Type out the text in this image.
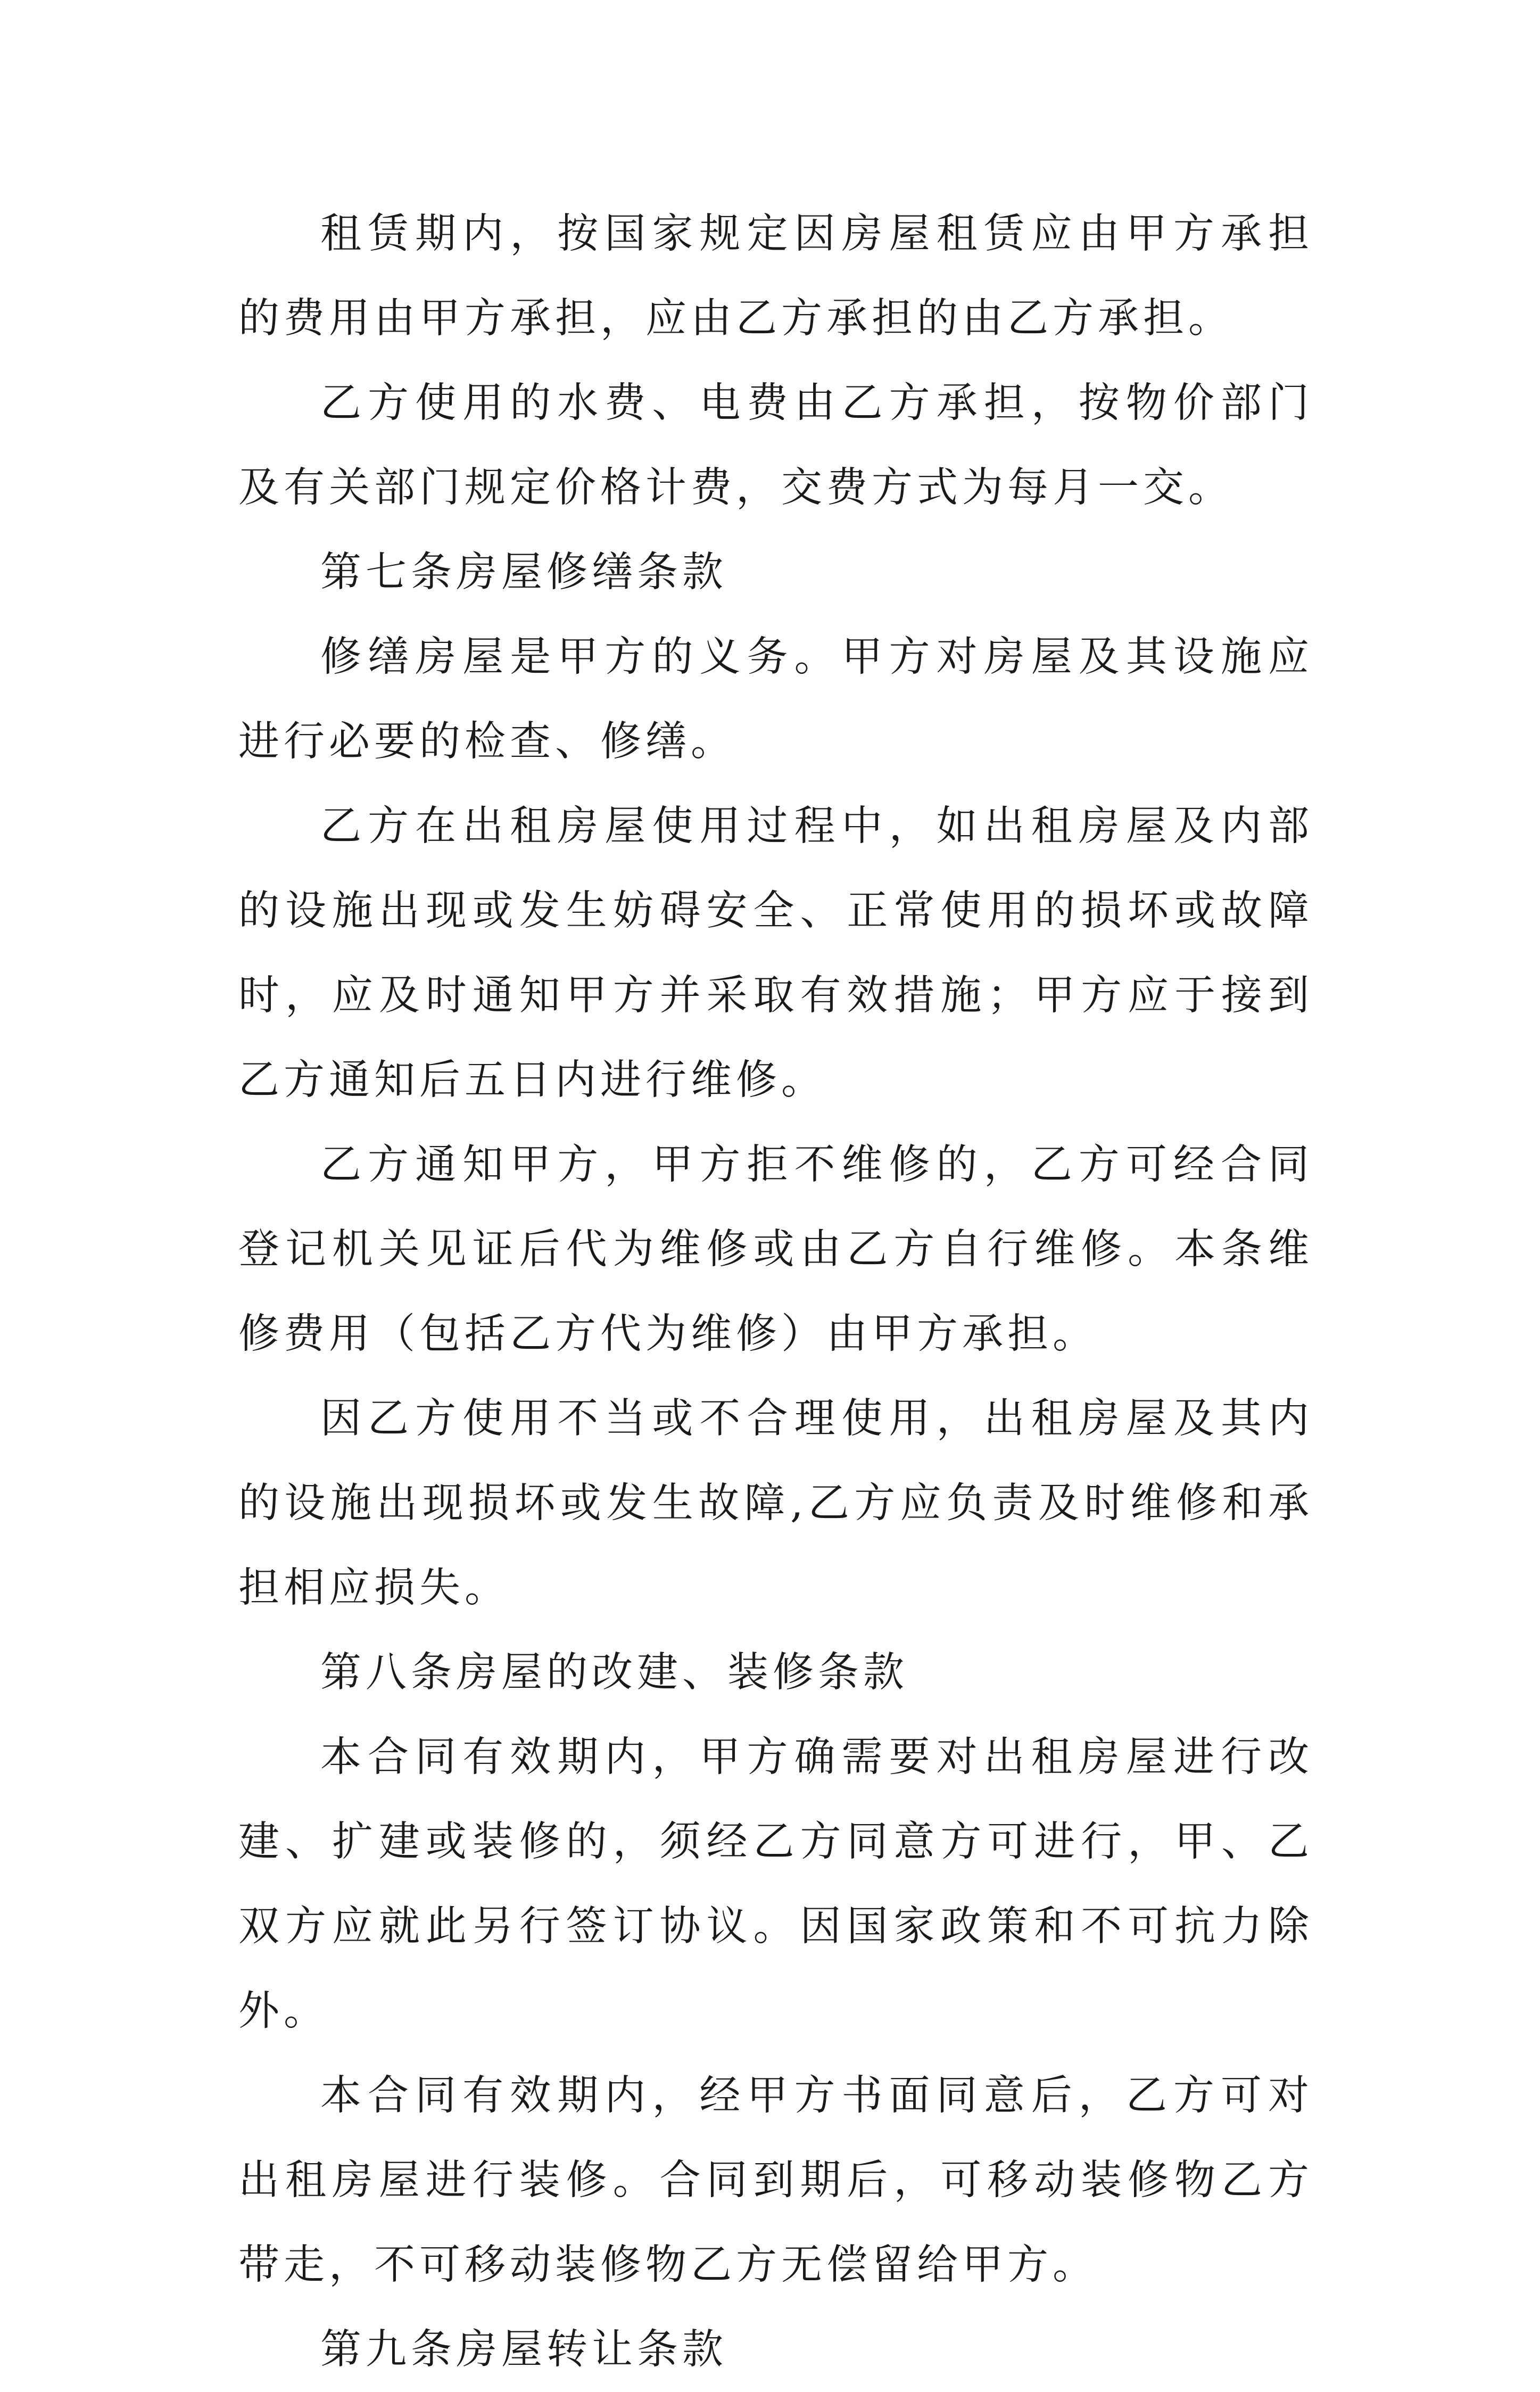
租赁期内，按国家规定因房屋租赁应由甲方承担的费用由甲方承担，应由乙方承担的由乙方承担。

乙方使用的水费、电费由乙方承担，按物价部门及有关部门规定价格计费，交费方式为每月一交。

第七条房屋修缮条款

修缮房屋是甲方的义务。甲方对房屋及其设施应进行必要的检查、修缮。

乙方在出租房屋使用过程中，如出租房屋及内部的设施出现或发生妨碍安全、正常使用的损坏或故障时，应及时通知甲方并采取有效措施；甲方应于接到乙方通知后五日内进行维修。

乙方通知甲方，甲方拒不维修的，乙方可经合同登记机关见证后代为维修或由乙方自行维修。本条维修费用（包括乙方代为维修）由甲方承担。

因乙方使用不当或不合理使用，出租房屋及其内的设施出现损坏或发生故障,乙方应负责及时维修和承担相应损失。

第八条房屋的改建、装修条款

本合同有效期内，甲方确需要对出租房屋进行改建、扩建或装修的，须经乙方同意方可进行，甲、乙双方应就此另行签订协议。因国家政策和不可抗力除外。

本合同有效期内，经甲方书面同意后，乙方可对出租房屋进行装修。合同到期后，可移动装修物乙方带走，不可移动装修物乙方无偿留给甲方。

第九条房屋转让条款
